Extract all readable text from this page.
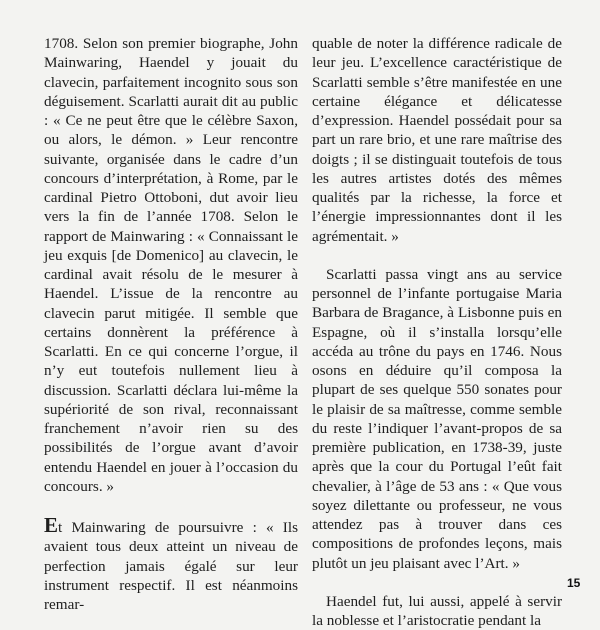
1708. Selon son premier biographe, John Mainwaring, Haendel y jouait du clavecin, parfaitement incognito sous son déguisement. Scarlatti aurait dit au public : « Ce ne peut être que le célèbre Saxon, ou alors, le démon. » Leur rencontre suivante, organisée dans le cadre d’un concours d’interprétation, à Rome, par le cardinal Pietro Ottoboni, dut avoir lieu vers la fin de l’année 1708. Selon le rapport de Mainwaring : « Connaissant le jeu exquis [de Domenico] au clavecin, le cardinal avait résolu de le mesurer à Haendel. L’issue de la rencontre au clavecin parut mitigée. Il semble que certains donnèrent la préférence à Scarlatti. En ce qui concerne l’orgue, il n’y eut toutefois nullement lieu à discussion. Scarlatti déclara lui-même la supériorité de son rival, reconnaissant franchement n’avoir rien su des possibilités de l’orgue avant d’avoir entendu Haendel en jouer à l’occasion du concours. »

Et Mainwaring de poursuivre : « Ils avaient tous deux atteint un niveau de perfection jamais égalé sur leur instrument respectif. Il est néanmoins remar-

quable de noter la différence radicale de leur jeu. L’excellence caractéristique de Scarlatti semble s’être manifestée en une certaine élégance et délicatesse d’expression. Haendel possédait pour sa part un rare brio, et une rare maîtrise des doigts ; il se distinguait toutefois de tous les autres artistes dotés des mêmes qualités par la richesse, la force et l’énergie impressionnantes dont il les agrémentait. »

Scarlatti passa vingt ans au service personnel de l’infante portugaise Maria Barbara de Bragance, à Lisbonne puis en Espagne, où il s’installa lorsqu’elle accéda au trône du pays en 1746. Nous osons en déduire qu’il composa la plupart de ses quelque 550 sonates pour le plaisir de sa maîtresse, comme semble du reste l’indiquer l’avant-propos de sa première publication, en 1738-39, juste après que la cour du Portugal l’eût fait chevalier, à l’âge de 53 ans : « Que vous soyez dilettante ou professeur, ne vous attendez pas à trouver dans ces compositions de profondes leçons, mais plutôt un jeu plaisant avec l’Art. »

Haendel fut, lui aussi, appelé à servir la noblesse et l’aristocratie pendant la

15
